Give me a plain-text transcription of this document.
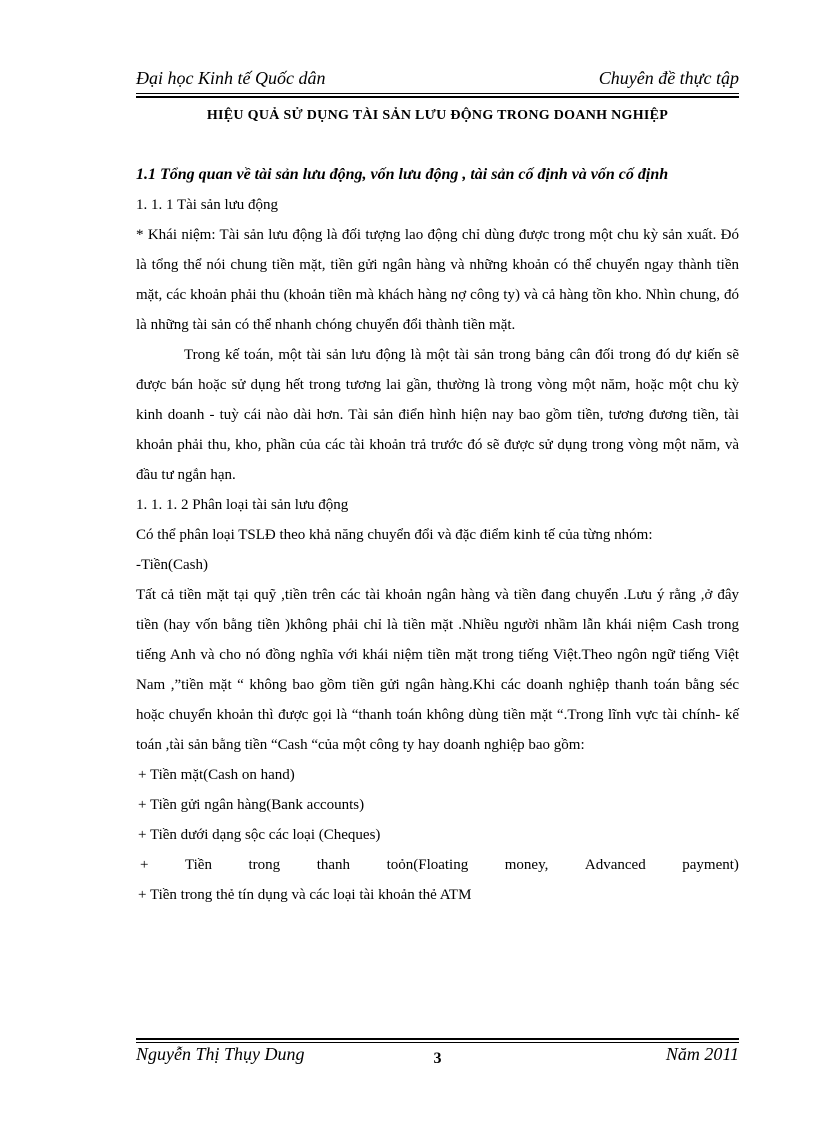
Đại học Kinh tế Quốc dân	Chuyên đề thực tập
HIỆU QUẢ SỬ DỤNG TÀI SẢN LƯU ĐỘNG TRONG DOANH NGHIỆP

1.1 Tổng quan về tài sản lưu động, vốn lưu động , tài sản cố định và vốn cố định

1. 1. 1 Tài sản lưu động

* Khái niệm: Tài sản lưu động là đối tượng lao động chỉ dùng được trong một chu kỳ sản xuất. Đó là tổng thể nói chung tiền mặt, tiền gửi ngân hàng và những khoản có thể chuyển ngay thành tiền mặt, các khoản phải thu (khoản tiền mà khách hàng nợ công ty) và cả hàng tồn kho. Nhìn chung, đó là những tài sản có thể nhanh chóng chuyển đổi thành tiền mặt.

Trong kế toán, một tài sản lưu động là một tài sản trong bảng cân đối trong đó dự kiến sẽ được bán hoặc sử dụng hết trong tương lai gần, thường là trong vòng một năm, hoặc một chu kỳ kinh doanh - tuỳ cái nào dài hơn. Tài sản điển hình hiện nay bao gồm tiền, tương đương tiền, tài khoản phải thu, kho, phần của các tài khoản trả trước đó sẽ được sử dụng trong vòng một năm, và đầu tư ngắn hạn.

1. 1. 1. 2 Phân loại tài sản lưu động

Có thể phân loại TSLĐ theo khả năng chuyển đổi và đặc điểm kinh tế của từng nhóm:

-Tiền(Cash)

Tất cả tiền mặt tại quỹ ,tiền trên các tài khoản ngân hàng và tiền đang chuyển .Lưu ý rằng ,ở đây tiền (hay vốn bằng tiền )không phải chỉ là tiền mặt .Nhiều người nhầm lẫn khái niệm Cash trong tiếng Anh và cho nó đồng nghĩa với khái niệm tiền mặt trong tiếng Việt.Theo ngôn ngữ tiếng Việt Nam ,”tiền mặt “ không bao gồm tiền gửi ngân hàng.Khi các doanh nghiệp thanh toán bằng séc hoặc chuyển khoản thì được gọi là “thanh toán không dùng tiền mặt “.Trong lĩnh vực tài chính- kế toán ,tài sản bằng tiền “Cash “của một công ty hay doanh nghiệp bao gồm:

+ Tiền mặt(Cash on hand)

+ Tiền gửi ngân hàng(Bank accounts)

+ Tiền dưới dạng sộc các loại (Cheques)

+ Tiền trong thanh toỏn(Floating money, Advanced payment)

+ Tiền trong thẻ tín dụng và các loại tài khoản thẻ ATM

Nguyễn Thị Thụy Dung	3	Năm 2011
